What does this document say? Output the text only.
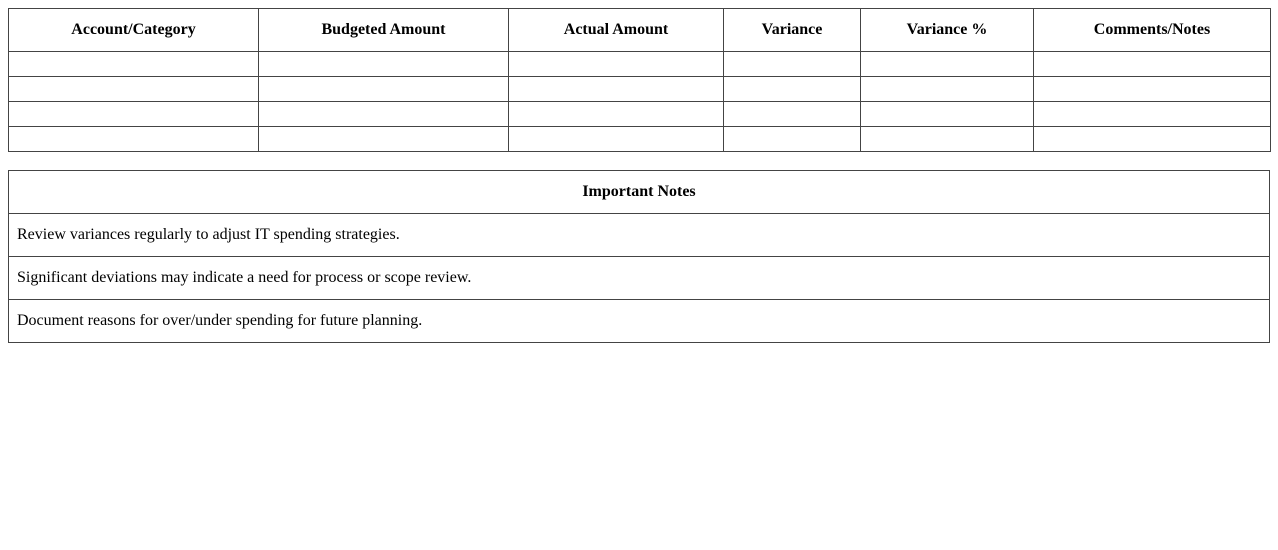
Account/Category	Budgeted Amount	Actual Amount	Variance	Variance %	Comments/Notes

Important Notes
Review variances regularly to adjust IT spending strategies.
Significant deviations may indicate a need for process or scope review.
Document reasons for over/under spending for future planning.
